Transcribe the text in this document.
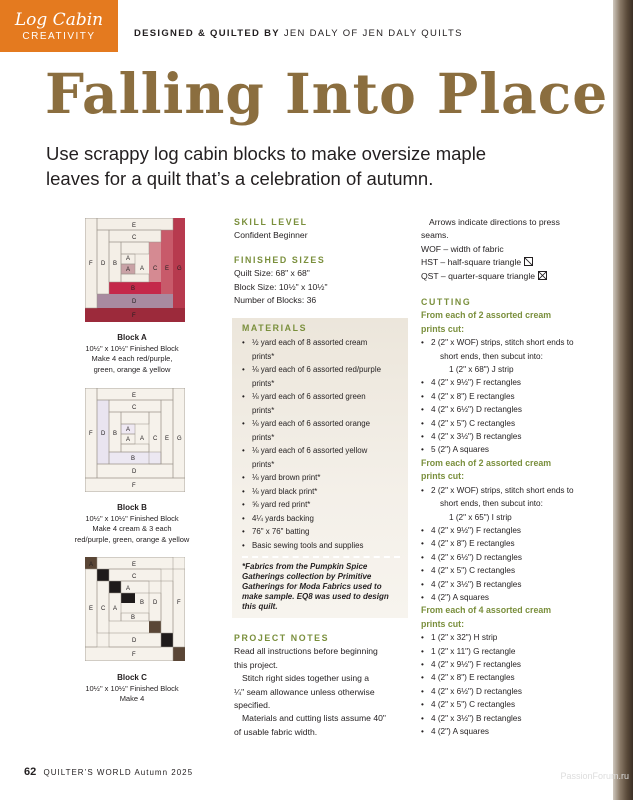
Log Cabin
CREATIVITY	DESIGNED & QUILTED BY JEN DALY OF JEN DALY QUILTS
Falling Into Place
Use scrappy log cabin blocks to make oversize maple
leaves for a quilt that’s a celebration of autumn.
E
C
F D B
A
A A C E G
B
D
F
Block A
10½" x 10½" Finished Block
Make 4 each red/purple,
green, orange & yellow
E
C
F D B
A
A A C E G
B
D
F
Block B
10½" x 10½" Finished Block
Make 4 cream & 3 each
red/purple, green, orange & yellow
A	E
C
A
E C A
B D	F
B
D
F
Block C
10½" x 10½" Finished Block
Make 4
SKILL LEVEL
Confident Beginner
FINISHED SIZES
Quilt Size: 68" x 68"
Block Size: 10½" x 10½"
Number of Blocks: 36
MATERIALS
• ½ yard each of 8 assorted cream
prints*
• ⅛ yard each of 6 assorted red/purple
prints*
• ⅛ yard each of 6 assorted green
prints*
• ⅛ yard each of 6 assorted orange
prints*
• ⅛ yard each of 6 assorted yellow
prints*
• ⅛ yard brown print*
• ⅛ yard black print*
• ⅝ yard red print*
• 4¼ yards backing
• 76" x 76" batting
• Basic sewing tools and supplies
*Fabrics from the Pumpkin Spice Gatherings collection by Primitive Gatherings for Moda Fabrics used to make sample. EQ8 was used to design this quilt.
PROJECT NOTES
Read all instructions before beginning
this project.
Stitch right sides together using a
¼" seam allowance unless otherwise
specified.
Materials and cutting lists assume 40"
of usable fabric width.
Arrows indicate directions to press
seams.
WOF – width of fabric
HST – half-square triangle
QST – quarter-square triangle
CUTTING
From each of 2 assorted cream
prints cut:
• 2 (2" x WOF) strips, stitch short ends to
short ends, then subcut into:
1 (2" x 68") J strip
• 4 (2" x 9½") F rectangles
• 4 (2" x 8") E rectangles
• 4 (2" x 6½") D rectangles
• 4 (2" x 5") C rectangles
• 4 (2" x 3½") B rectangles
• 5 (2") A squares
From each of 2 assorted cream
prints cut:
• 2 (2" x WOF) strips, stitch short ends to
short ends, then subcut into:
1 (2" x 65") I strip
• 4 (2" x 9½") F rectangles
• 4 (2" x 8") E rectangles
• 4 (2" x 6½") D rectangles
• 4 (2" x 5") C rectangles
• 4 (2" x 3½") B rectangles
• 4 (2") A squares
From each of 4 assorted cream
prints cut:
• 1 (2" x 32") H strip
• 1 (2" x 11") G rectangle
• 4 (2" x 9½") F rectangles
• 4 (2" x 8") E rectangles
• 4 (2" x 6½") D rectangles
• 4 (2" x 5") C rectangles
• 4 (2" x 3½") B rectangles
• 4 (2") A squares
62 QUILTER’S WORLD Autumn 2025	PassionForum.ru
